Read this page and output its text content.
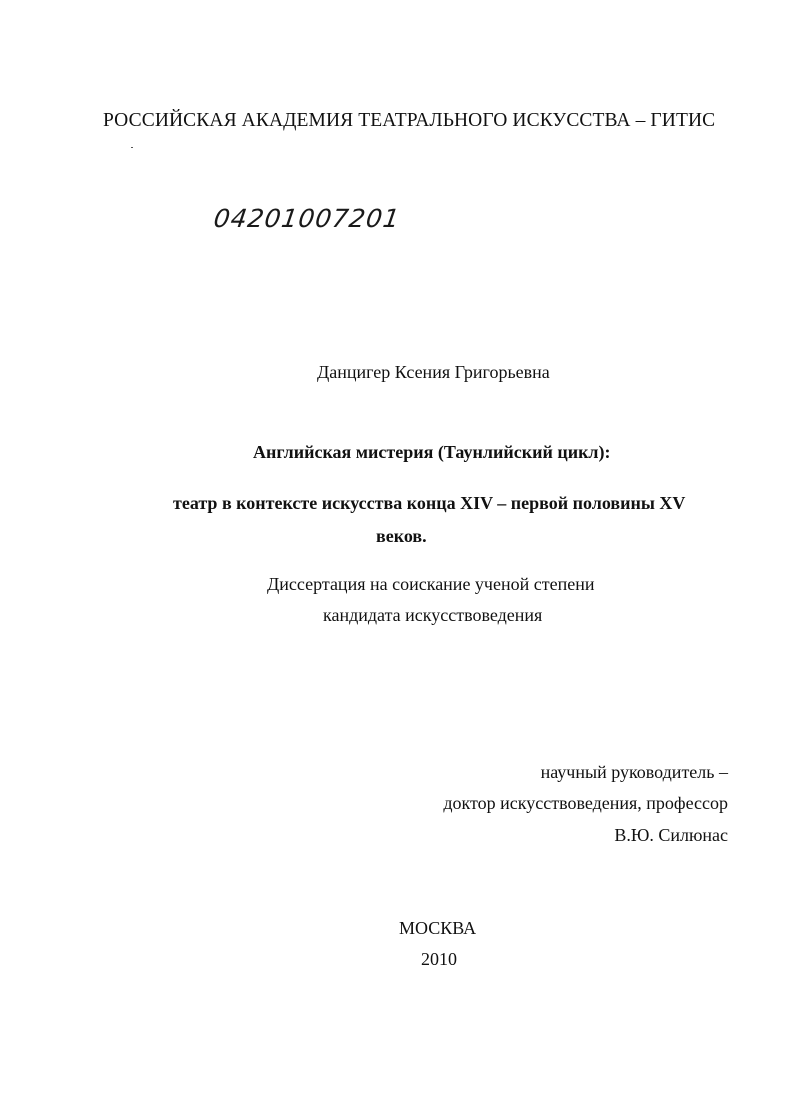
РОССИЙСКАЯ АКАДЕМИЯ ТЕАТРАЛЬНОГО ИСКУССТВА – ГИТИС
04201007201
Данцигер Ксения Григорьевна
Английская мистерия (Таунлийский цикл):
театр в контексте искусства конца XIV – первой половины XV
веков.
Диссертация на соискание ученой степени
кандидата искусствоведения
научный руководитель –
доктор искусствоведения, профессор
В.Ю. Силюнас
МОСКВА
2010
